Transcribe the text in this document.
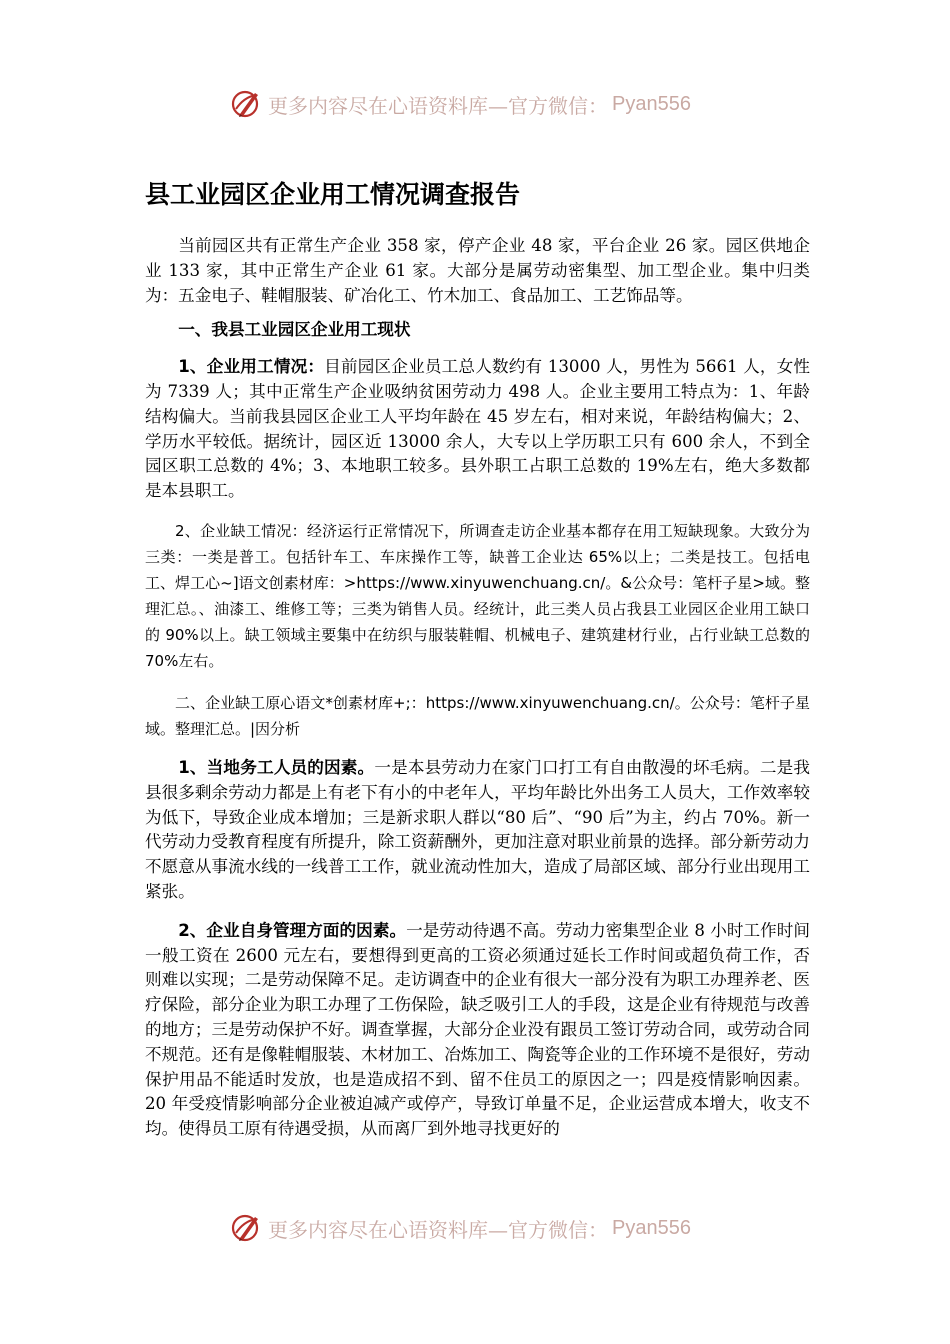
更多内容尽在心语资料库—官方微信： Pyan556
县工业园区企业用工情况调查报告

当前园区共有正常生产企业 358 家，停产企业 48 家，平台企业 26 家。园区供地企业 133 家，其中正常生产企业 61 家。大部分是属劳动密集型、加工型企业。集中归类为：五金电子、鞋帽服装、矿冶化工、竹木加工、食品加工、工艺饰品等。

一、我县工业园区企业用工现状

1、企业用工情况：目前园区企业员工总人数约有 13000 人，男性为 5661 人，女性为 7339 人；其中正常生产企业吸纳贫困劳动力 498 人。企业主要用工特点为：1、年龄结构偏大。当前我县园区企业工人平均年龄在 45 岁左右，相对来说，年龄结构偏大；2、学历水平较低。据统计，园区近 13000 余人，大专以上学历职工只有 600 余人，不到全园区职工总数的 4%；3、本地职工较多。县外职工占职工总数的 19%左右，绝大多数都是本县职工。

2、企业缺工情况：经济运行正常情况下，所调查走访企业基本都存在用工短缺现象。大致分为三类：一类是普工。包括针车工、车床操作工等，缺普工企业达 65%以上；二类是技工。包括电工、焊工心~]语文创素材库：>https://www.xinyuwenchuang.cn/。&公众号：笔杆子星>域。整理汇总。、油漆工、维修工等；三类为销售人员。经统计，此三类人员占我县工业园区企业用工缺口的 90%以上。缺工领域主要集中在纺织与服装鞋帽、机械电子、建筑建材行业，占行业缺工总数的 70%左右。

二、企业缺工原心语文*创素材库+;：https://www.xinyuwenchuang.cn/。公众号：笔杆子星域。整理汇总。|因分析

1、当地务工人员的因素。一是本县劳动力在家门口打工有自由散漫的坏毛病。二是我县很多剩余劳动力都是上有老下有小的中老年人，平均年龄比外出务工人员大，工作效率较为低下，导致企业成本增加；三是新求职人群以“80 后”、“90 后”为主，约占 70%。新一代劳动力受教育程度有所提升，除工资薪酬外，更加注意对职业前景的选择。部分新劳动力不愿意从事流水线的一线普工工作，就业流动性加大，造成了局部区域、部分行业出现用工紧张。

2、企业自身管理方面的因素。一是劳动待遇不高。劳动力密集型企业 8 小时工作时间一般工资在 2600 元左右，要想得到更高的工资必须通过延长工作时间或超负荷工作，否则难以实现；二是劳动保障不足。走访调查中的企业有很大一部分没有为职工办理养老、医疗保险，部分企业为职工办理了工伤保险，缺乏吸引工人的手段，这是企业有待规范与改善的地方；三是劳动保护不好。调查掌握，大部分企业没有跟员工签订劳动合同，或劳动合同不规范。还有是像鞋帽服装、木材加工、冶炼加工、陶瓷等企业的工作环境不是很好，劳动保护用品不能适时发放，也是造成招不到、留不住员工的原因之一；四是疫情影响因素。20 年受疫情影响部分企业被迫减产或停产，导致订单量不足，企业运营成本增大，收支不均。使得员工原有待遇受损，从而离厂到外地寻找更好的

更多内容尽在心语资料库—官方微信： Pyan556
